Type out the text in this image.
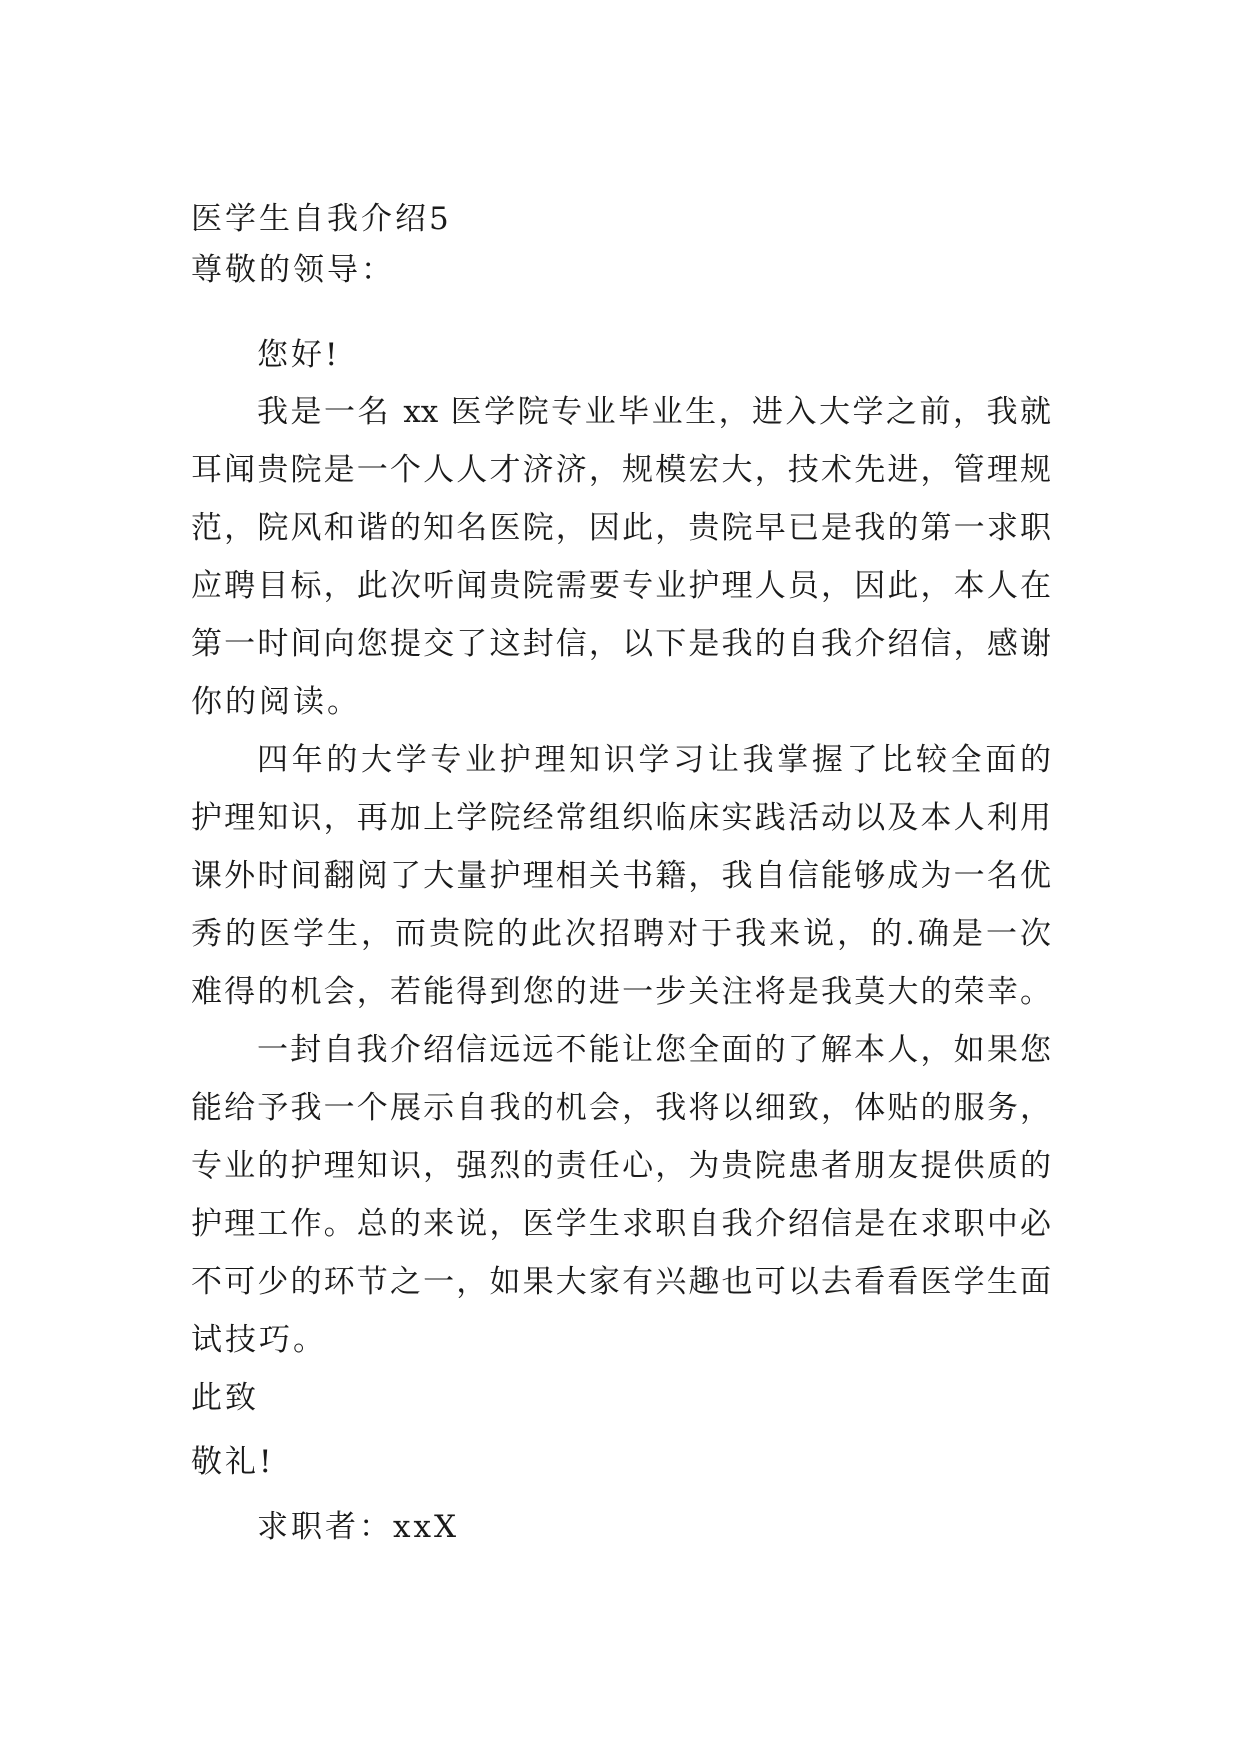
医学生自我介绍5
尊敬的领导：
您好!
我是一名 xx 医学院专业毕业生，进入大学之前，我就
耳闻贵院是一个人人才济济，规模宏大，技术先进，管理规
范，院风和谐的知名医院，因此，贵院早已是我的第一求职
应聘目标，此次听闻贵院需要专业护理人员，因此，本人在
第一时间向您提交了这封信，以下是我的自我介绍信，感谢
你的阅读。
四年的大学专业护理知识学习让我掌握了比较全面的
护理知识，再加上学院经常组织临床实践活动以及本人利用
课外时间翻阅了大量护理相关书籍，我自信能够成为一名优
秀的医学生，而贵院的此次招聘对于我来说，的.确是一次
难得的机会，若能得到您的进一步关注将是我莫大的荣幸。
一封自我介绍信远远不能让您全面的了解本人，如果您
能给予我一个展示自我的机会，我将以细致，体贴的服务，
专业的护理知识，强烈的责任心，为贵院患者朋友提供质的
护理工作。总的来说，医学生求职自我介绍信是在求职中必
不可少的环节之一，如果大家有兴趣也可以去看看医学生面
试技巧。
此致
敬礼!
求职者：xxX
